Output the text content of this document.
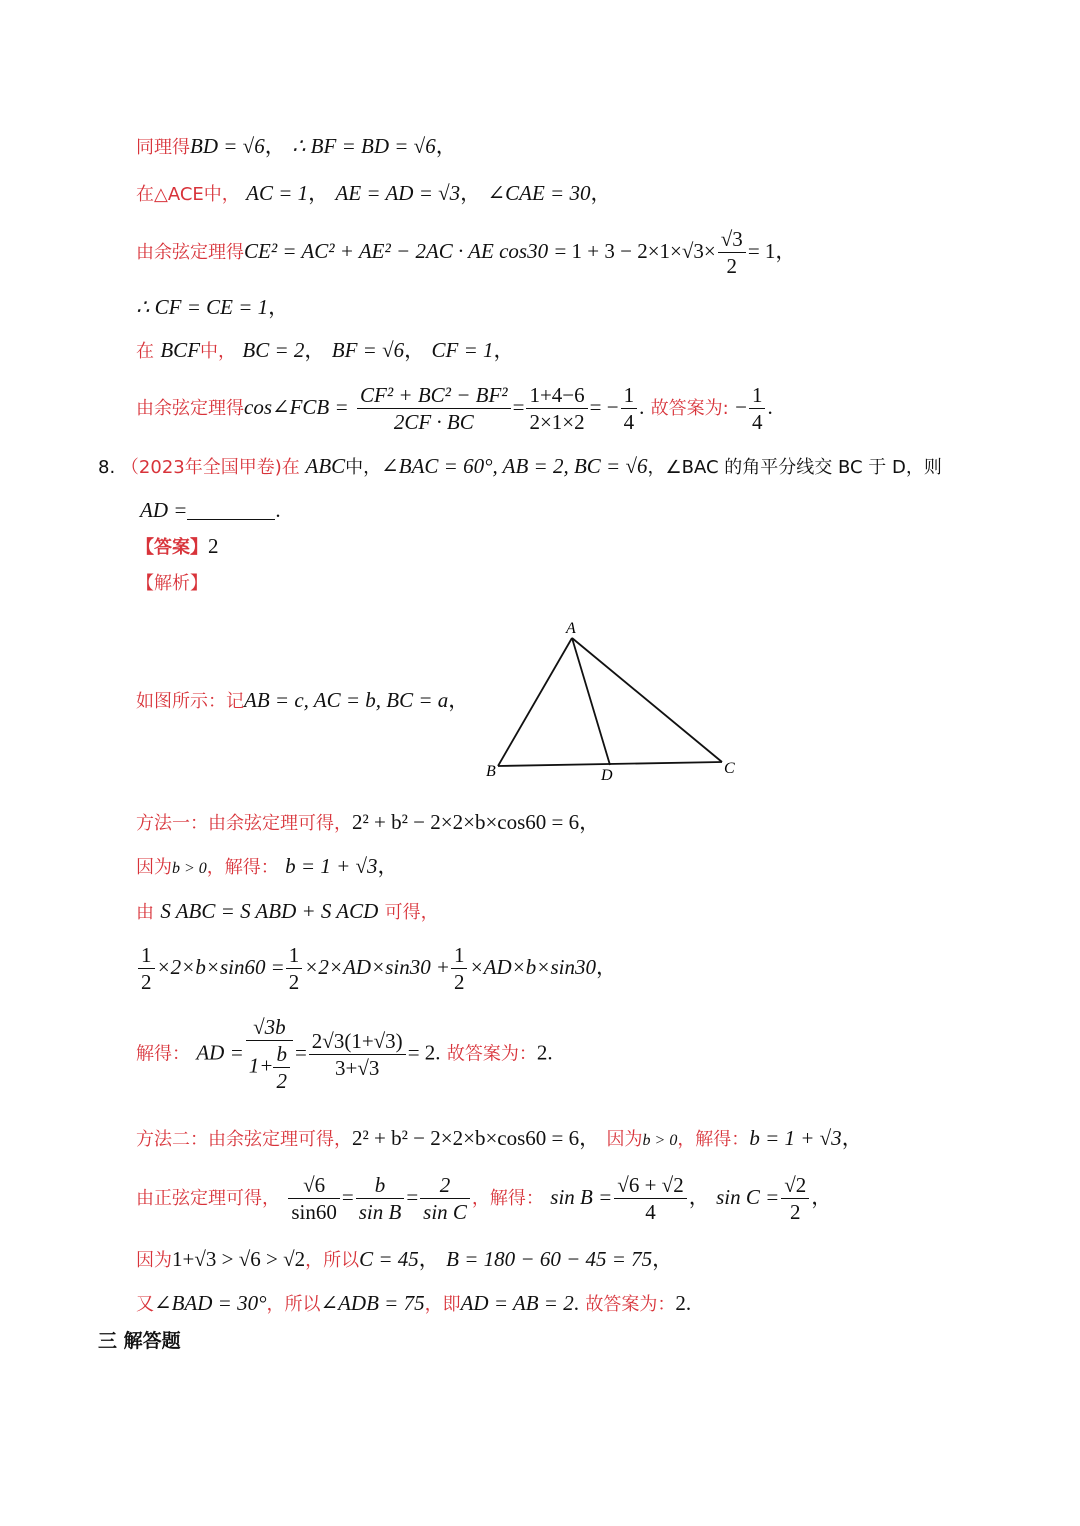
同理得BD = √6， ∴ BF = BD = √6，
在△ACE中， AC = 1， AE = AD = √3， ∠CAE = 30，
由余弦定理得CE² = AC² + AE² − 2AC · AE $\cos 30 = 1 + 3 - 2\times 1\times√3\times \frac{√3}{2} = 1$，
∴ CF = CE = 1，
在 BCF中， BC = 2， BF = √6， CF = 1，
由余弦定理得cos∠FCB = $\frac{\text{CF² + BC² − BF²}}{2CF \cdot BC} = \frac{1+4-6}{2\times 1\times 2}$ = − $\frac{1}{4}$ . 故答案为: − $\frac{1}{4}$ .
8. （2023年全国甲卷)在 ABC中，∠BAC = 60°, AB = 2, BC = √6，∠BAC 的角平分线交 BC 于 D，则
AD =	.
【答案】2
【解析】
如图所示：记AB = c, AC = b, BC = a，
A
B	D	C
方法一：由余弦定理可得，2² + b² − 2×2×b×cos60 = 6，
因为b > 0，解得： b = 1 + √3，
由 S ABC = S ABD + S ACD 可得，
$\frac{1}{2} \times 2\times b\times\sin 60 = \frac{1}{2} \times 2\times AD\times\sin 30 + \frac{1}{2} \times AD\times b\times\sin 30$，
解得： AD = $\frac{√3b}{1+ \frac{b}{2}} = \frac{2√3(1+√3)}{3+√3} = 2$. 故答案为：2.
方法二：由余弦定理可得，2² + b² − 2×2×b×cos60 = 6， 因为b > 0，解得：b = 1 + √3，
由正弦定理可得， $\frac{√6}{\sin 60} = \frac{b}{\text{sin B}} = \frac{2}{\text{sin C}}$ ，解得： $\sin B = \frac{√6 + √2}{4}$ ， $\sin C = \frac{√2}{2}$ ，
因为1+√3 > √6 > √2，所以C = 45， B = 180 − 60 − 45 = 75，
又∠BAD = 30°，所以∠ADB = 75，即AD = AB = 2. 故答案为：2.
三 解答题
